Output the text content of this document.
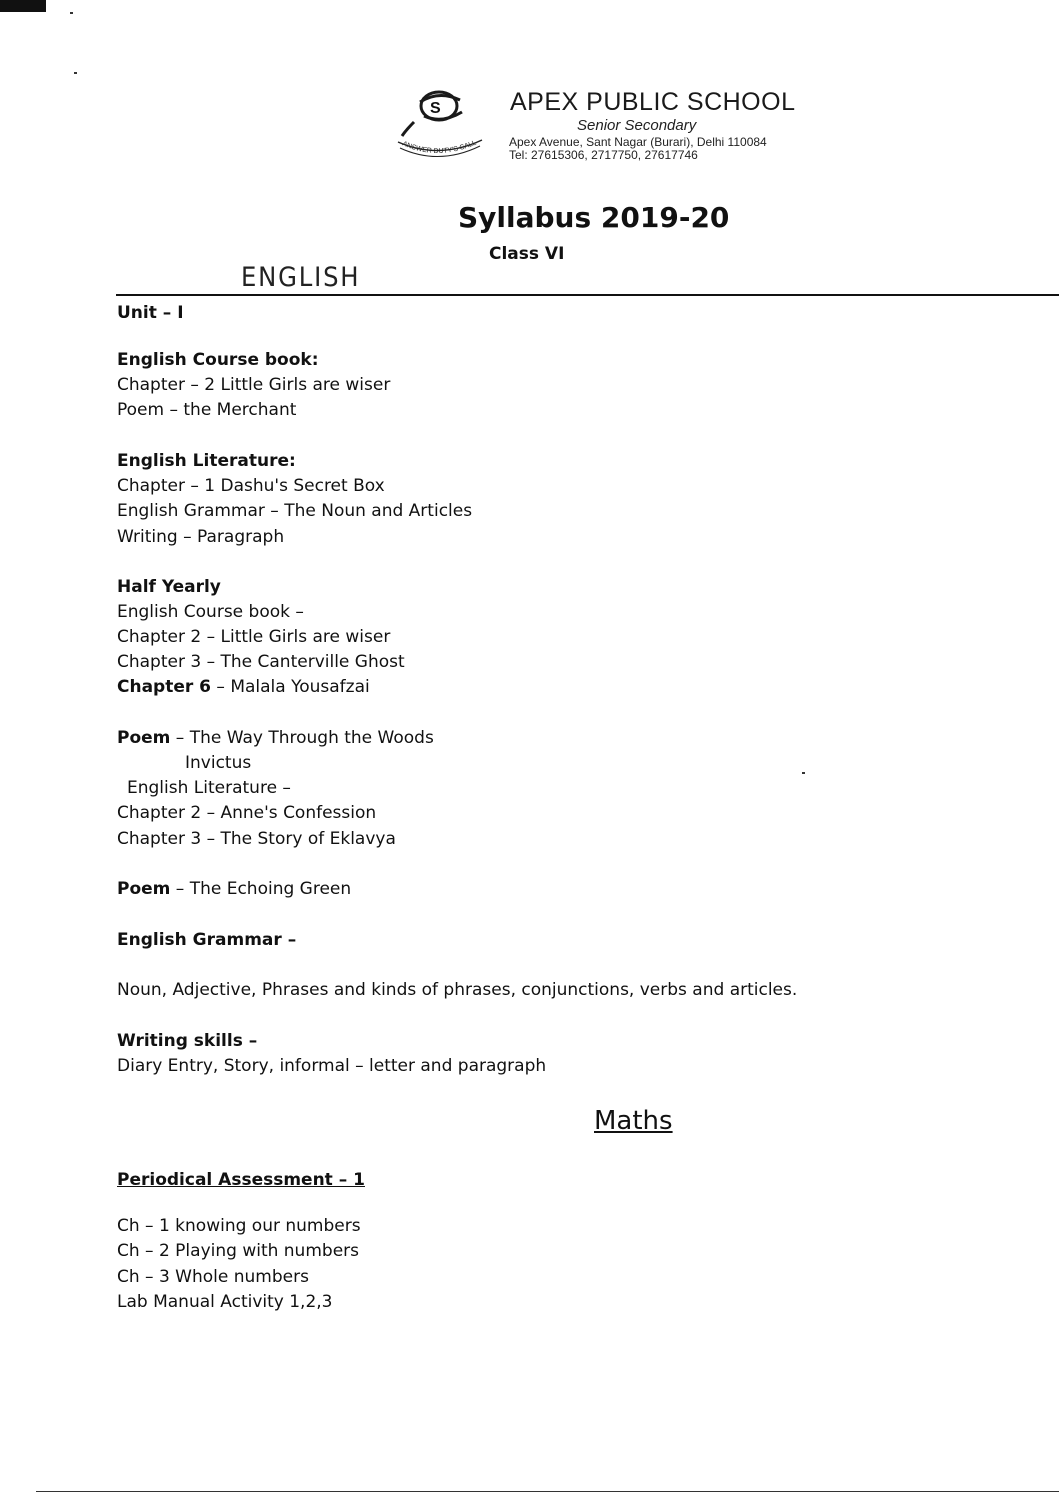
S
ANSWER DUTY'S CALL
APEX PUBLIC SCHOOL
Senior Secondary
Apex Avenue, Sant Nagar (Burari), Delhi 110084
Tel: 27615306, 2717750, 27617746
Syllabus 2019-20
Class VI
ENGLISH
Unit – I
English Course book:
Chapter – 2 Little Girls are wiser
Poem – the Merchant
English Literature:
Chapter – 1 Dashu's Secret Box
English Grammar – The Noun and Articles
Writing – Paragraph
Half Yearly
English Course book –
Chapter 2 – Little Girls are wiser
Chapter 3 – The Canterville Ghost
Chapter 6 – Malala Yousafzai
Poem – The Way Through the Woods
Invictus
English Literature –
Chapter 2 – Anne's Confession
Chapter 3 – The Story of Eklavya
Poem – The Echoing Green
English Grammar –
Noun, Adjective, Phrases and kinds of phrases, conjunctions, verbs and articles.
Writing skills –
Diary Entry, Story, informal – letter and paragraph
Maths
Periodical Assessment – 1
Ch – 1 knowing our numbers
Ch – 2 Playing with numbers
Ch – 3 Whole numbers
Lab Manual Activity 1,2,3
